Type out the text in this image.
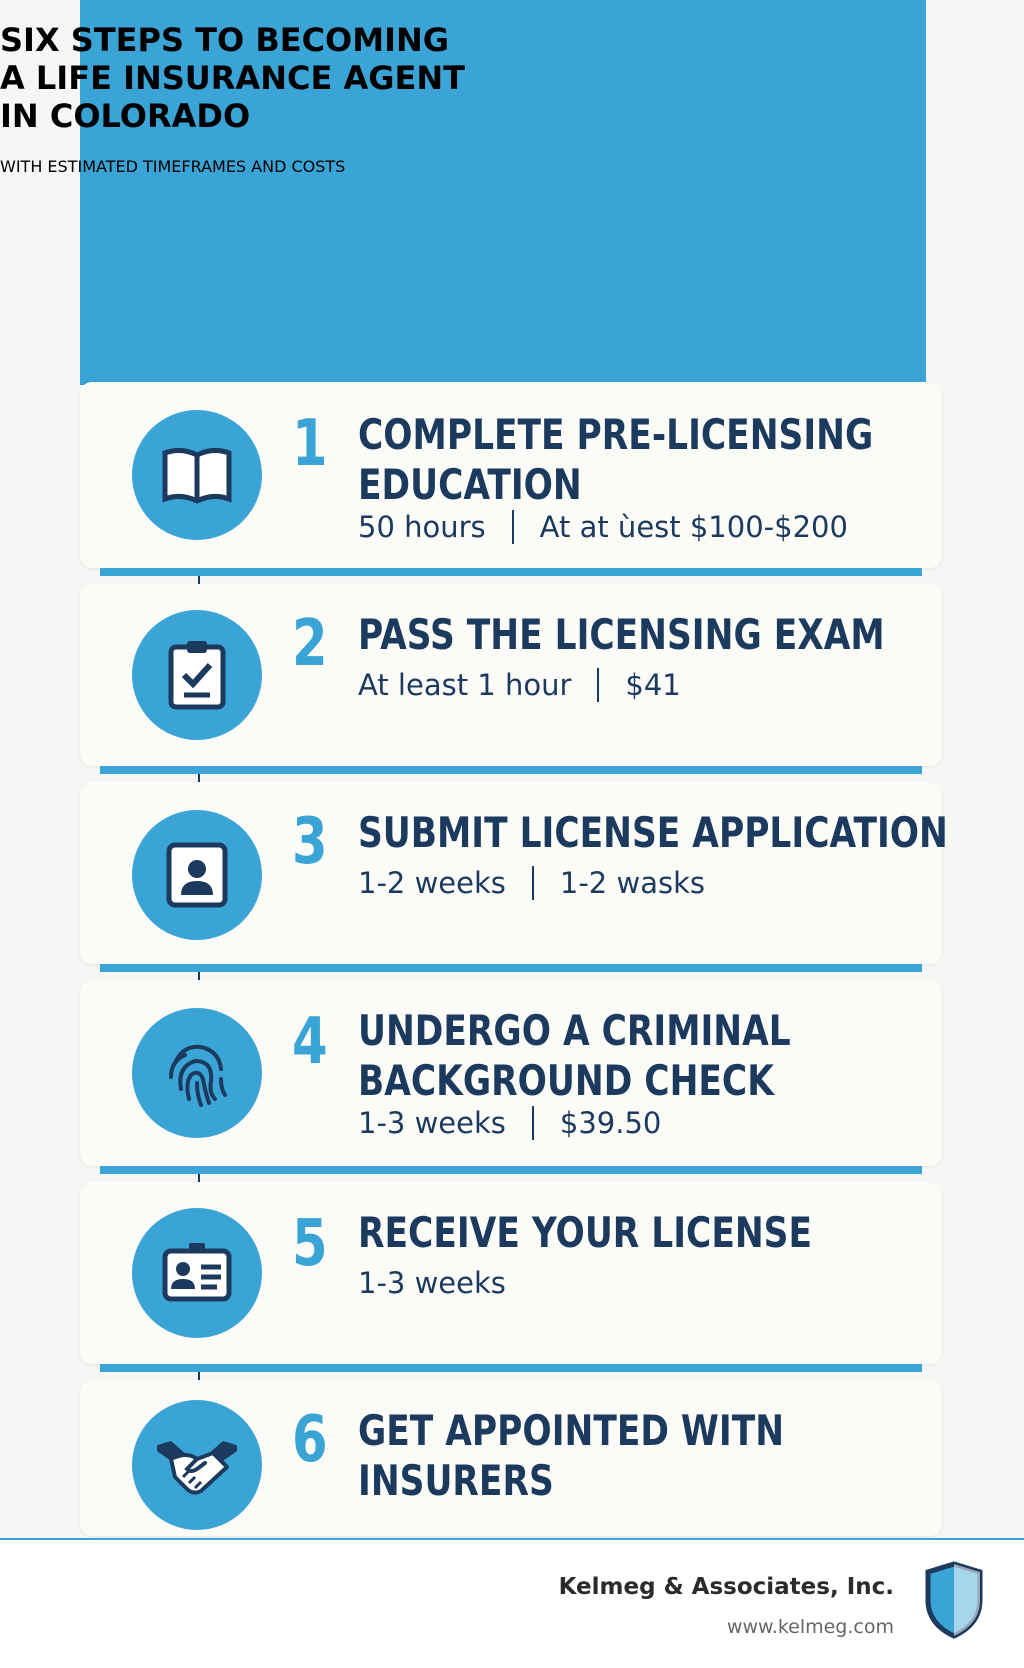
SIX STEPS TO BECOMING
A LIFE INSURANCE AGENT
IN COLORADO

WITH ESTIMATED TIMEFRAMES AND COSTS

1 COMPLETE PRE-LICENSING
EDUCATION
50 hours At at ùest $100-$200
2 PASS THE LICENSING EXAM
At least 1 hour $41
3 SUBMIT LICENSE APPLICATION
1-2 weeks 1-2 wasks
4 UNDERGO A CRIMINAL
BACKGROUND CHECK
1-3 weeks $39.50
5 RECEIVE YOUR LICENSE
1-3 weeks
6 GET APPOINTED WITN
INSURERS
Kelmeg & Associates, Inc.
www.kelmeg.com
